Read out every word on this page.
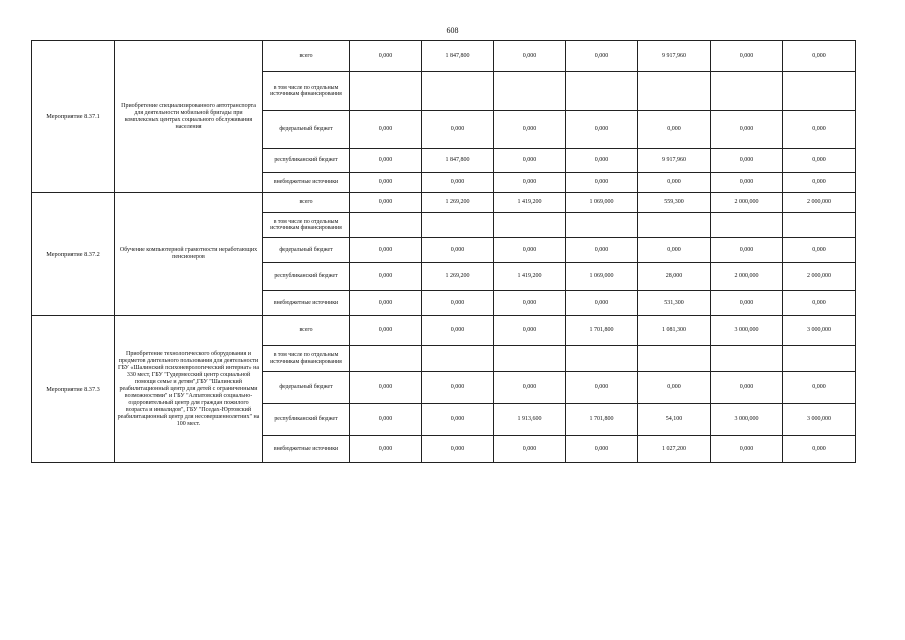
608
Мероприятие 8.37.1	Приобретение специализированного автотранспорта для деятельности мобильной бригады при комплексных центрах социального обслуживания населения	всего	0,000	1 847,800	0,000	0,000	9 917,960	0,000	0,000
		в том числе по отдельным источникам финансирования							
		федеральный бюджет	0,000	0,000	0,000	0,000	0,000	0,000	0,000
		республиканский бюджет	0,000	1 847,800	0,000	0,000	9 917,960	0,000	0,000
		внебюджетные источники	0,000	0,000	0,000	0,000	0,000	0,000	0,000
Мероприятие 8.37.2	Обучение компьютерной грамотности неработающих пенсионеров	всего	0,000	1 269,200	1 419,200	1 069,000	559,300	2 000,000	2 000,000
		в том числе по отдельным источникам финансирования							
		федеральный бюджет	0,000	0,000	0,000	0,000	0,000	0,000	0,000
		республиканский бюджет	0,000	1 269,200	1 419,200	1 069,000	28,000	2 000,000	2 000,000
		внебюджетные источники	0,000	0,000	0,000	0,000	531,300	0,000	0,000
Мероприятие 8.37.3	Приобретение технологического оборудования и предметов длительного пользования для деятельности ГБУ «Шалинский психоневрологический интернат» на 330 мест, ГБУ "Гудермесский центр социальной помощи семье и детям",ГБУ "Шалинский реабилитационный центр для детей с ограниченными возможностями" и ГБУ "Алпатовский социально-оздоровительный центр для граждан пожилого возраста и инвалидов", ГБУ "Пседах-Юртовский реабилитационный центр для несовершеннолетних" на 100 мест.	всего	0,000	0,000	0,000	1 701,800	1 081,300	3 000,000	3 000,000
		в том числе по отдельным источникам финансирования							
		федеральный бюджет	0,000	0,000	0,000	0,000	0,000	0,000	0,000
		республиканский бюджет	0,000	0,000	1 913,600	1 701,800	54,100	3 000,000	3 000,000
		внебюджетные источники	0,000	0,000	0,000	0,000	1 027,200	0,000	0,000
